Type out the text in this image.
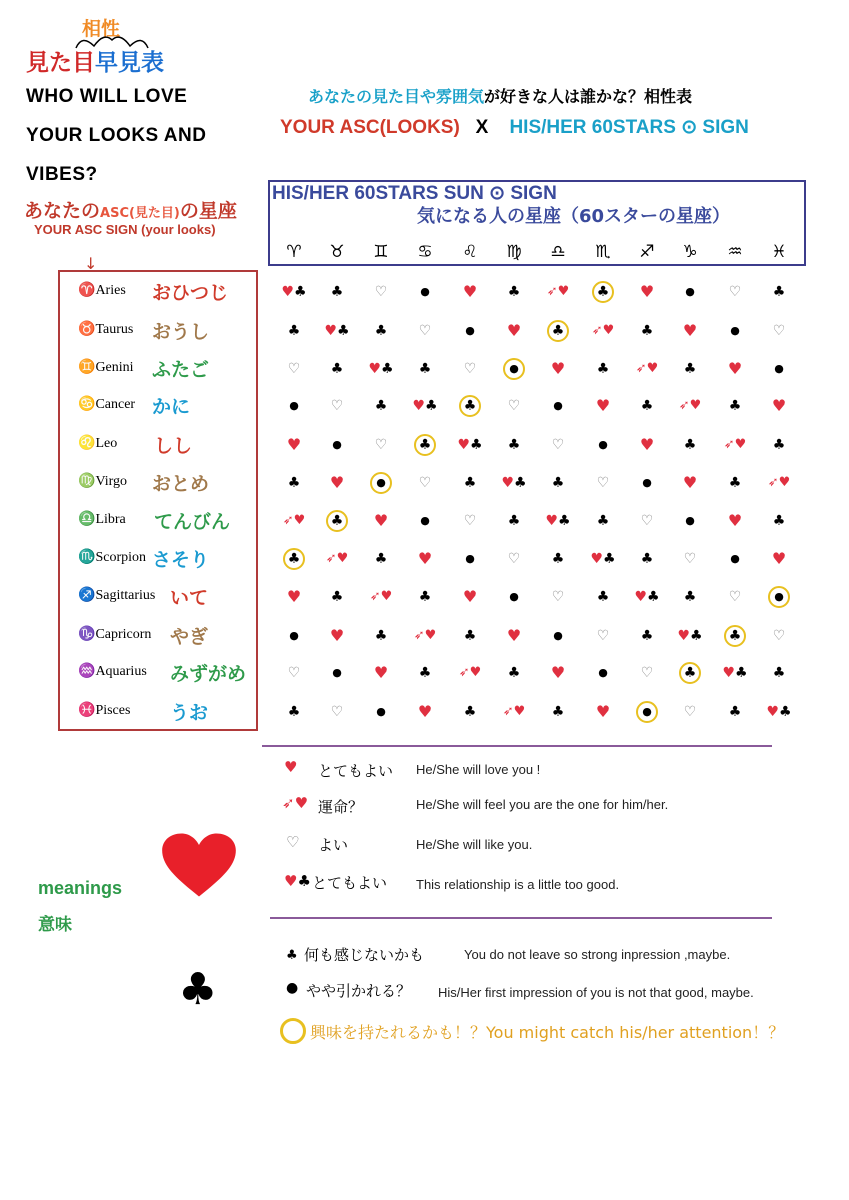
相性
見た目早見表
WHO WILL LOVE
YOUR LOOKS AND
VIBES?
あなたの見た目や雰囲気が好きな人は誰かな？相性表
YOUR ASC(LOOKS) X HIS/HER 60STARS ⊙ SIGN
HIS/HER 60STARS SUN ⊙ SIGN
気になる人の星座（60スターの星座）
♈	♉	♊	♋	♌	♍	♎	♏	♐	♑	♒	♓
あなたのASC(見た目)の星座
YOUR ASC SIGN (your looks)
↓
♈Aries おひつじ
♉Taurus おうし
♊Genini ふたご
♋Cancer かに
♌Leo しし
♍Virgo おとめ
♎Libra てんびん
♏Scorpion さそり
♐Sagittarius いて
♑Capricorn やぎ
♒Aquarius みずがめ
♓Pisces うお
♥♣	♣	♡	●	♥	♣	➶♥	♣	♥	●	♡	♣
♣	♥♣	♣	♡	●	♥	♣	➶♥	♣	♥	●	♡
♡	♣	♥♣	♣	♡	●	♥	♣	➶♥	♣	♥	●
●	♡	♣	♥♣	♣	♡	●	♥	♣	➶♥	♣	♥
♥	●	♡	♣	♥♣	♣	♡	●	♥	♣	➶♥	♣
♣	♥	●	♡	♣	♥♣	♣	♡	●	♥	♣	➶♥
➶♥	♣	♥	●	♡	♣	♥♣	♣	♡	●	♥	♣
♣	➶♥	♣	♥	●	♡	♣	♥♣	♣	♡	●	♥
♥	♣	➶♥	♣	♥	●	♡	♣	♥♣	♣	♡	●
●	♥	♣	➶♥	♣	♥	●	♡	♣	♥♣	♣	♡
♡	●	♥	♣	➶♥	♣	♥	●	♡	♣	♥♣	♣
♣	♡	●	♥	♣	➶♥	♣	♥	●	♡	♣	♥♣
♥ とてもよい He/She will love you !
➶♥ 運命？	He/She will feel you are the one for him/her.
♡ よい	He/She will like you.
♥♣ とてもよい This relationship is a little too good.
meanings
意味
♣ 何も感じないかも	You do not leave so strong inpression ,maybe.
● やや引かれる？ His/Her first impression of you is not that good, maybe.
♣
興味を持たれるかも！？You might catch his/her attention！？
